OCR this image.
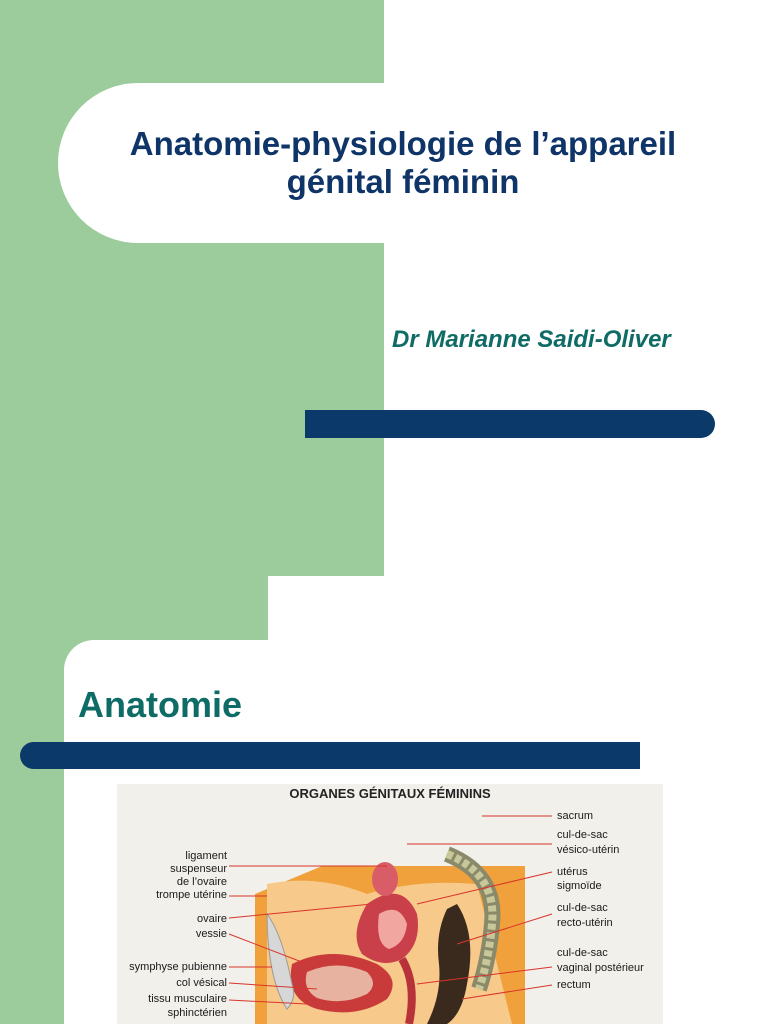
Anatomie-physiologie de l’appareil
génital féminin

Dr Marianne Saidi-Oliver

Anatomie
ORGANES GÉNITAUX FÉMININS
ligament
suspenseur
de l’ovaire
trompe utérine
ovaire
vessie
symphyse pubienne
col vésical
tissu musculaire
sphinctérien
sacrum
cul-de-sac
vésico-utérin
utérus
sigmoïde
cul-de-sac
recto-utérin
cul-de-sac
vaginal postérieur
rectum
